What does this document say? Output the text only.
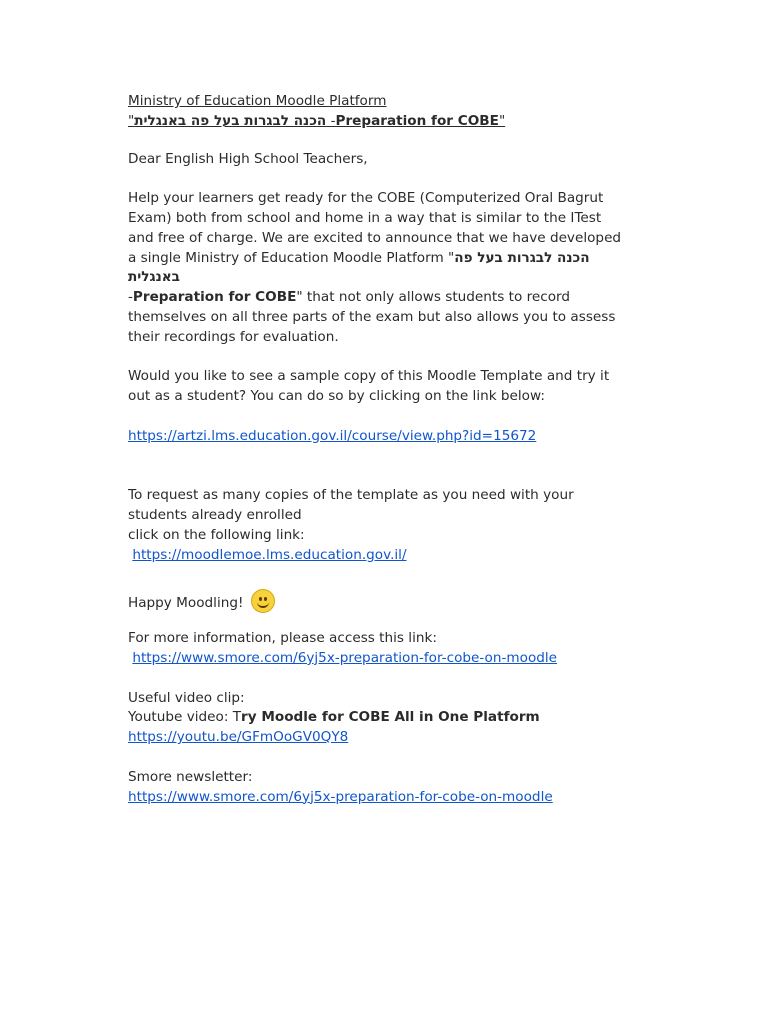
Ministry of Education Moodle Platform

"הכנה לבגרות בעל פה באנגלית -Preparation for COBE"

Dear English High School Teachers,

Help your learners get ready for the COBE (Computerized Oral Bagrut

Exam) both from school and home in a way that is similar to the ITest

and free of charge. We are excited to announce that we have developed

a single Ministry of Education Moodle Platform "הכנה לבגרות בעל פה באנגלית

-Preparation for COBE" that not only allows students to record

themselves on all three parts of the exam but also allows you to assess

their recordings for evaluation.

Would you like to see a sample copy of this Moodle Template and try it

out as a student? You can do so by clicking on the link below:

https://artzi.lms.education.gov.il/course/view.php?id=15672

To request as many copies of the template as you need with your

students already enrolled

click on the following link:

https://moodlemoe.lms.education.gov.il/

Happy Moodling!

For more information, please access this link:

https://www.smore.com/6yj5x-preparation-for-cobe-on-moodle

Useful video clip:

Youtube video: Try Moodle for COBE All in One Platform

https://youtu.be/GFmOoGV0QY8

Smore newsletter:

https://www.smore.com/6yj5x-preparation-for-cobe-on-moodle
